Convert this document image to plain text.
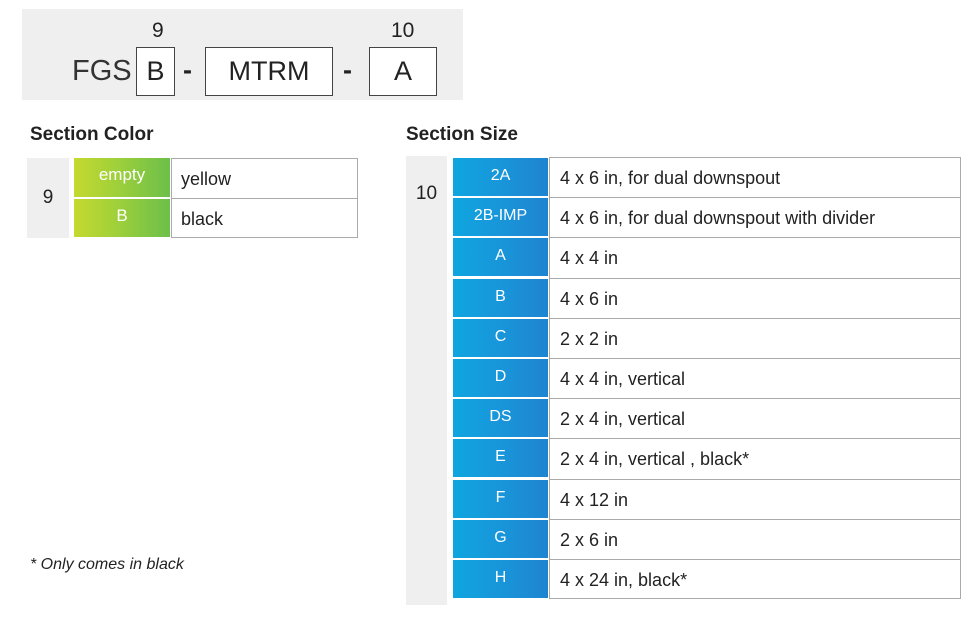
9	10
FGS B -	MTRM	-	A
Section Color	Section Size
9
empty	yellow
B	black
10
2A	4 x 6 in, for dual downspout
2B-IMP	4 x 6 in, for dual downspout with divider
A	4 x 4 in
B	4 x 6 in
C	2 x 2 in
D	4 x 4 in, vertical
DS	2 x 4 in, vertical
E	2 x 4 in, vertical , black*
F	4 x 12 in
G	2 x 6 in
H	4 x 24 in, black*
* Only comes in black
